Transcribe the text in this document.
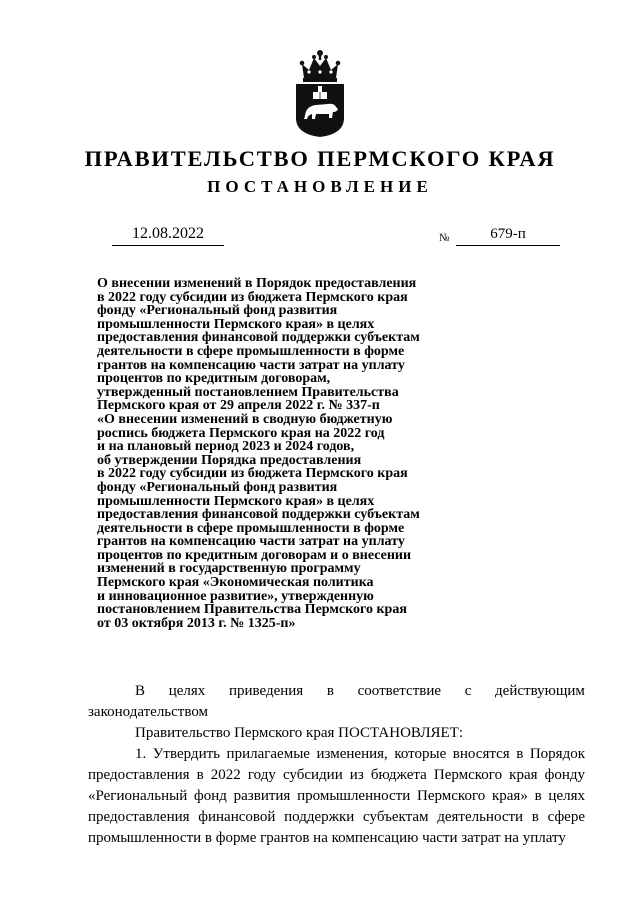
ПРАВИТЕЛЬСТВО ПЕРМСКОГО КРАЯ
ПОСТАНОВЛЕНИЕ
12.08.2022	№	679-п
О внесении изменений в Порядок предоставления
в 2022 году субсидии из бюджета Пермского края
фонду «Региональный фонд развития
промышленности Пермского края» в целях
предоставления финансовой поддержки субъектам
деятельности в сфере промышленности в форме
грантов на компенсацию части затрат на уплату
процентов по кредитным договорам,
утвержденный постановлением Правительства
Пермского края от 29 апреля 2022 г. № 337-п
«О внесении изменений в сводную бюджетную
роспись бюджета Пермского края на 2022 год
и на плановый период 2023 и 2024 годов,
об утверждении Порядка предоставления
в 2022 году субсидии из бюджета Пермского края
фонду «Региональный фонд развития
промышленности Пермского края» в целях
предоставления финансовой поддержки субъектам
деятельности в сфере промышленности в форме
грантов на компенсацию части затрат на уплату
процентов по кредитным договорам и о внесении
изменений в государственную программу
Пермского края «Экономическая политика
и инновационное развитие», утвержденную
постановлением Правительства Пермского края
от 03 октября 2013 г. № 1325-п»
В целях приведения в соответствие с действующим

законодательством

Правительство Пермского края ПОСТАНОВЛЯЕТ:

1. Утвердить прилагаемые изменения, которые вносятся в Порядок предоставления в 2022 году субсидии из бюджета Пермского края фонду «Региональный фонд развития промышленности Пермского края» в целях предоставления финансовой поддержки субъектам деятельности в сфере промышленности в форме грантов на компенсацию части затрат на уплату
